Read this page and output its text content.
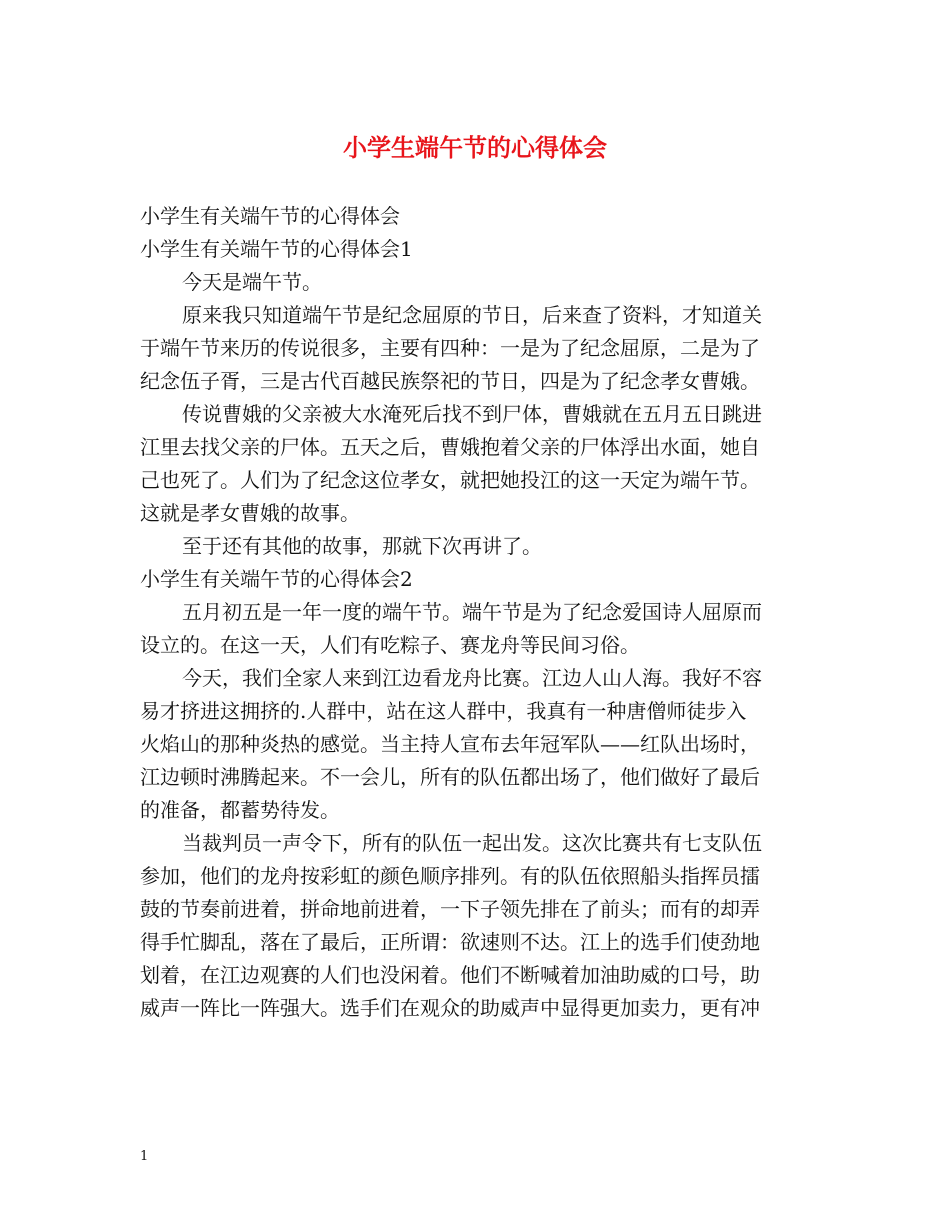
小学生端午节的心得体会

小学生有关端午节的心得体会

小学生有关端午节的心得体会1

今天是端午节。

原来我只知道端午节是纪念屈原的节日，后来查了资料，才知道关

于端午节来历的传说很多，主要有四种：一是为了纪念屈原，二是为了

纪念伍子胥，三是古代百越民族祭祀的节日，四是为了纪念孝女曹娥。

传说曹娥的父亲被大水淹死后找不到尸体，曹娥就在五月五日跳进

江里去找父亲的尸体。五天之后，曹娥抱着父亲的尸体浮出水面，她自

己也死了。人们为了纪念这位孝女，就把她投江的这一天定为端午节。

这就是孝女曹娥的故事。

至于还有其他的故事，那就下次再讲了。

小学生有关端午节的心得体会2

五月初五是一年一度的端午节。端午节是为了纪念爱国诗人屈原而

设立的。在这一天，人们有吃粽子、赛龙舟等民间习俗。

今天，我们全家人来到江边看龙舟比赛。江边人山人海。我好不容

易才挤进这拥挤的.人群中，站在这人群中，我真有一种唐僧师徒步入

火焰山的那种炎热的感觉。当主持人宣布去年冠军队——红队出场时，

江边顿时沸腾起来。不一会儿，所有的队伍都出场了，他们做好了最后

的准备，都蓄势待发。

当裁判员一声令下，所有的队伍一起出发。这次比赛共有七支队伍

参加，他们的龙舟按彩虹的颜色顺序排列。有的队伍依照船头指挥员擂

鼓的节奏前进着，拼命地前进着，一下子领先排在了前头；而有的却弄

得手忙脚乱，落在了最后，正所谓：欲速则不达。江上的选手们使劲地

划着，在江边观赛的人们也没闲着。他们不断喊着加油助威的口号，助

威声一阵比一阵强大。选手们在观众的助威声中显得更加卖力，更有冲

1
